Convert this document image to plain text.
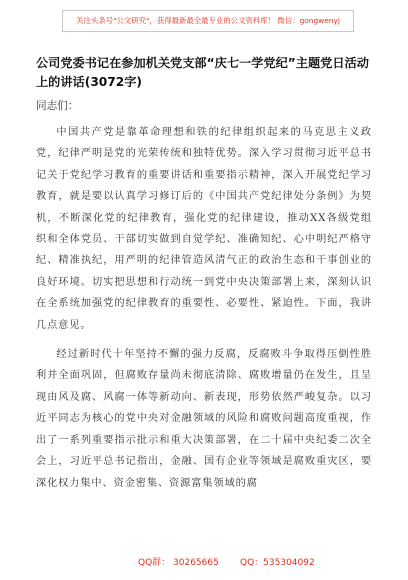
关注头条号"公文研究"，获得最新最全最专业的公文资料库！ 微信：gongwenyj
公司党委书记在参加机关党支部“庆七一学党纪”主题党日活动上的讲话(3072字)
同志们：

中国共产党是靠革命理想和铁的纪律组织起来的马克思主义政党，纪律严明是党的光荣传统和独特优势。深入学习贯彻习近平总书记关于党纪学习教育的重要讲话和重要指示精神，深入开展党纪学习教育，就是要以认真学习修订后的《中国共产党纪律处分条例》为契机，不断深化党的纪律教育，强化党的纪律建设，推动XX各级党组织和全体党员、干部切实做到自觉学纪、准确知纪、心中明纪严格守纪、精准执纪，用严明的纪律管造风清气正的政治生态和干事创业的良好环境。切实把思想和行动统一到党中央决策部署上来，深刻认识在全系统加强党的纪律教育的重要性、必要性、紧迫性。下面，我讲几点意见。

经过新时代十年坚持不懈的强力反腐，反腐败斗争取得压倒性胜利并全面巩固，但腐败存量尚未彻底清除、腐败增量仍在发生，且呈现由风及腐、风腐一体等新动向、新表现，形势依然严峻复杂。以习近平同志为核心的党中央对金融领域的风险和腐败问题高度重视，作出了一系列重要指示批示和重大决策部署，在二十届中央纪委二次全会上，习近平总书记指出，金融、国有企业等领域是腐败重灾区，要深化权力集中、资金密集、资源富集领域的腐

QQ群： 30265665 QQ：535304092
